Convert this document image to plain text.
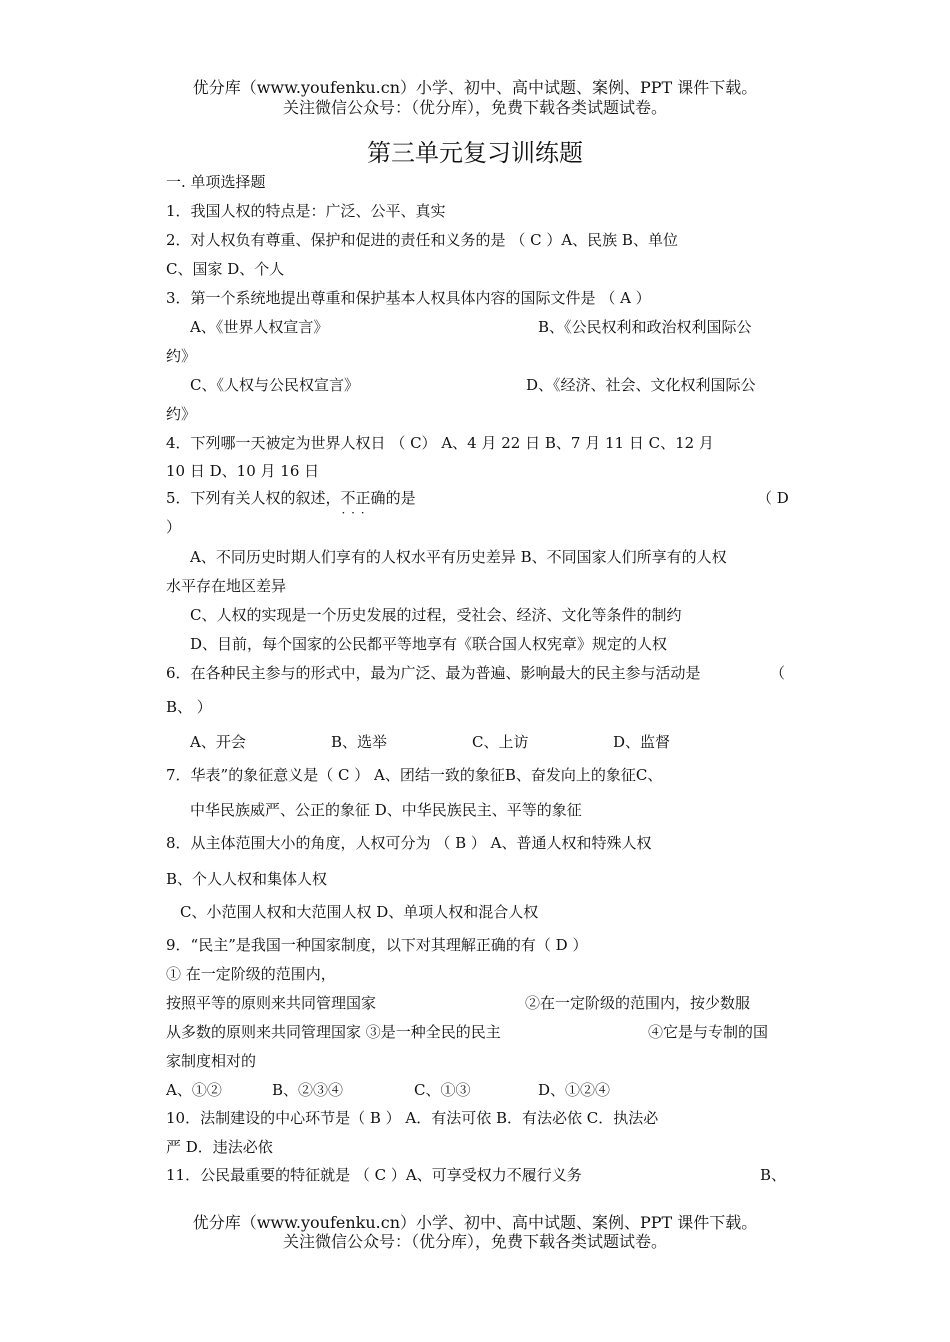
优分库（www.youfenku.cn）小学、初中、高中试题、案例、PPT 课件下载。
关注微信公众号：（优分库），免费下载各类试题试卷。
第三单元复习训练题
一. 单项选择题
1．我国人权的特点是：广泛、公平、真实
2．对人权负有尊重、保护和促进的责任和义务的是 （ C ）A、民族 B、单位
C、国家 D、个人
3．第一个系统地提出尊重和保护基本人权具体内容的国际文件是 （ A ）
A、《世界人权宣言》	B、《公民权利和政治权利国际公
约》
C、《人权与公民权宣言》	D、《经济、社会、文化权利国际公
约》
4．下列哪一天被定为世界人权日 （ C） A、4 月 22 日 B、7 月 11 日 C、12 月
10 日 D、10 月 16 日
5．下列有关人权的叙述，不正确 · · ·的是	（ D
）
A、不同历史时期人们享有的人权水平有历史差异 B、不同国家人们所享有的人权
水平存在地区差异
C、人权的实现是一个历史发展的过程，受社会、经济、文化等条件的制约
D、目前，每个国家的公民都平等地享有《联合国人权宪章》规定的人权
6．在各种民主参与的形式中，最为广泛、最为普遍、影响最大的民主参与活动是	（
B、 ）
A、开会	B、选举	C、上访	D、监督
7．华表”的象征意义是（ C ） A、团结一致的象征B、奋发向上的象征C、
中华民族威严、公正的象征 D、中华民族民主、平等的象征
8．从主体范围大小的角度，人权可分为 （ B ） A、普通人权和特殊人权
B、个人人权和集体人权
C、小范围人权和大范围人权 D、单项人权和混合人权
9．“民主”是我国一种国家制度，以下对其理解正确的有（ D ）
① 在一定阶级的范围内，
按照平等的原则来共同管理国家	②在一定阶级的范围内，按少数服
从多数的原则来共同管理国家 ③是一种全民的民主	④它是与专制的国
家制度相对的
A、①②	B、②③④	C、①③	D、①②④
10．法制建设的中心环节是（ B ） A．有法可依 B．有法必依 C．执法必
严 D．违法必依
11．公民最重要的特征就是 （ C ）A、可享受权力不履行义务	B、
优分库（www.youfenku.cn）小学、初中、高中试题、案例、PPT 课件下载。
关注微信公众号：（优分库），免费下载各类试题试卷。
